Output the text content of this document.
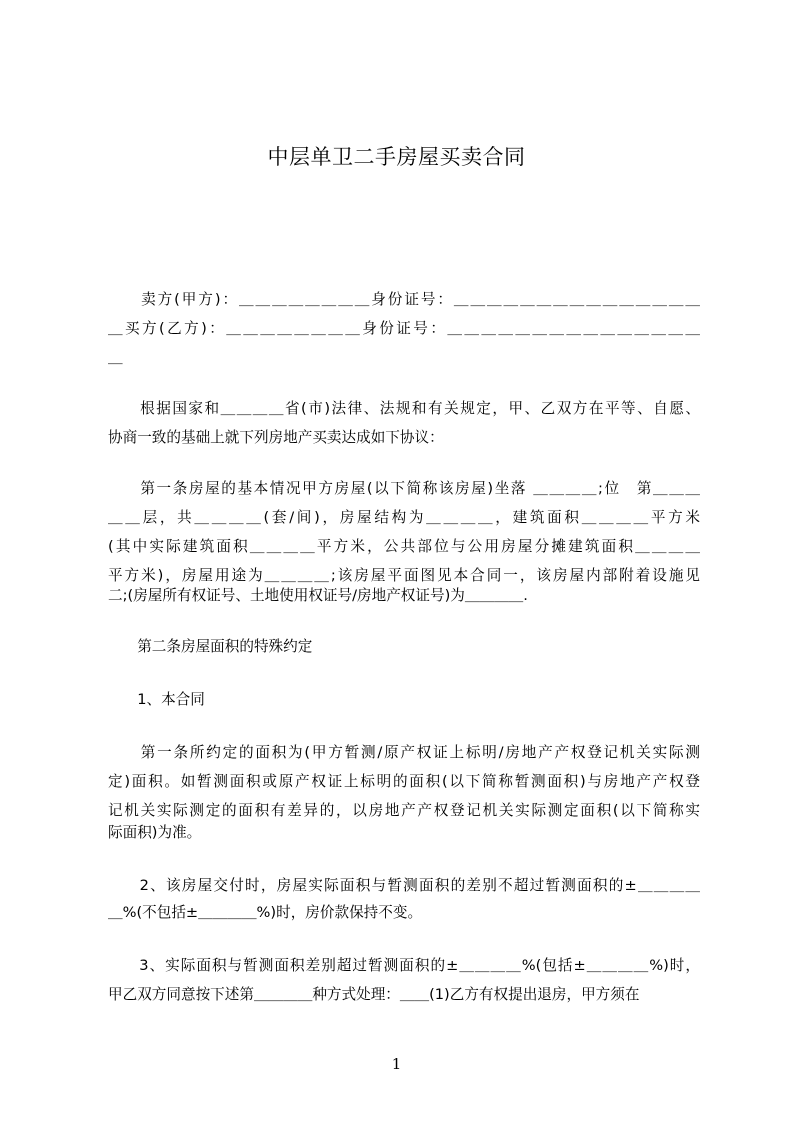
中层单卫二手房屋买卖合同
　　卖方(甲方)：＿＿＿＿＿＿＿＿身份证号：＿＿＿＿＿＿＿＿＿＿＿＿＿＿＿
＿买方(乙方)：＿＿＿＿＿＿＿＿身份证号：＿＿＿＿＿＿＿＿＿＿＿＿＿＿＿
＿
　　根据国家和＿＿＿＿省(市)法律、法规和有关规定，甲、乙双方在平等、自愿、
协商一致的基础上就下列房地产买卖达成如下协议：
　　第一条房屋的基本情况甲方房屋(以下简称该房屋)坐落 ＿＿＿＿;位　第＿＿＿
＿＿层，共＿＿＿＿(套/间)，房屋结构为＿＿＿＿，建筑面积＿＿＿＿平方米
(其中实际建筑面积＿＿＿＿平方米，公共部位与公用房屋分摊建筑面积＿＿＿＿
平方米)，房屋用途为＿＿＿＿;该房屋平面图见本合同一，该房屋内部附着设施见
二;(房屋所有权证号、土地使用权证号/房地产权证号)为＿＿＿＿.
　　第二条房屋面积的特殊约定
　　1、本合同
　　第一条所约定的面积为(甲方暂测/原产权证上标明/房地产产权登记机关实际测
定)面积。如暂测面积或原产权证上标明的面积(以下简称暂测面积)与房地产产权登
记机关实际测定的面积有差异的，以房地产产权登记机关实际测定面积(以下简称实
际面积)为准。
　　2、该房屋交付时，房屋实际面积与暂测面积的差别不超过暂测面积的±＿＿＿＿
＿%(不包括±＿＿＿＿%)时，房价款保持不变。
　　3、实际面积与暂测面积差别超过暂测面积的±＿＿＿＿%(包括±＿＿＿＿%)时，
甲乙双方同意按下述第＿＿＿＿种方式处理：＿＿(1)乙方有权提出退房，甲方须在
1
